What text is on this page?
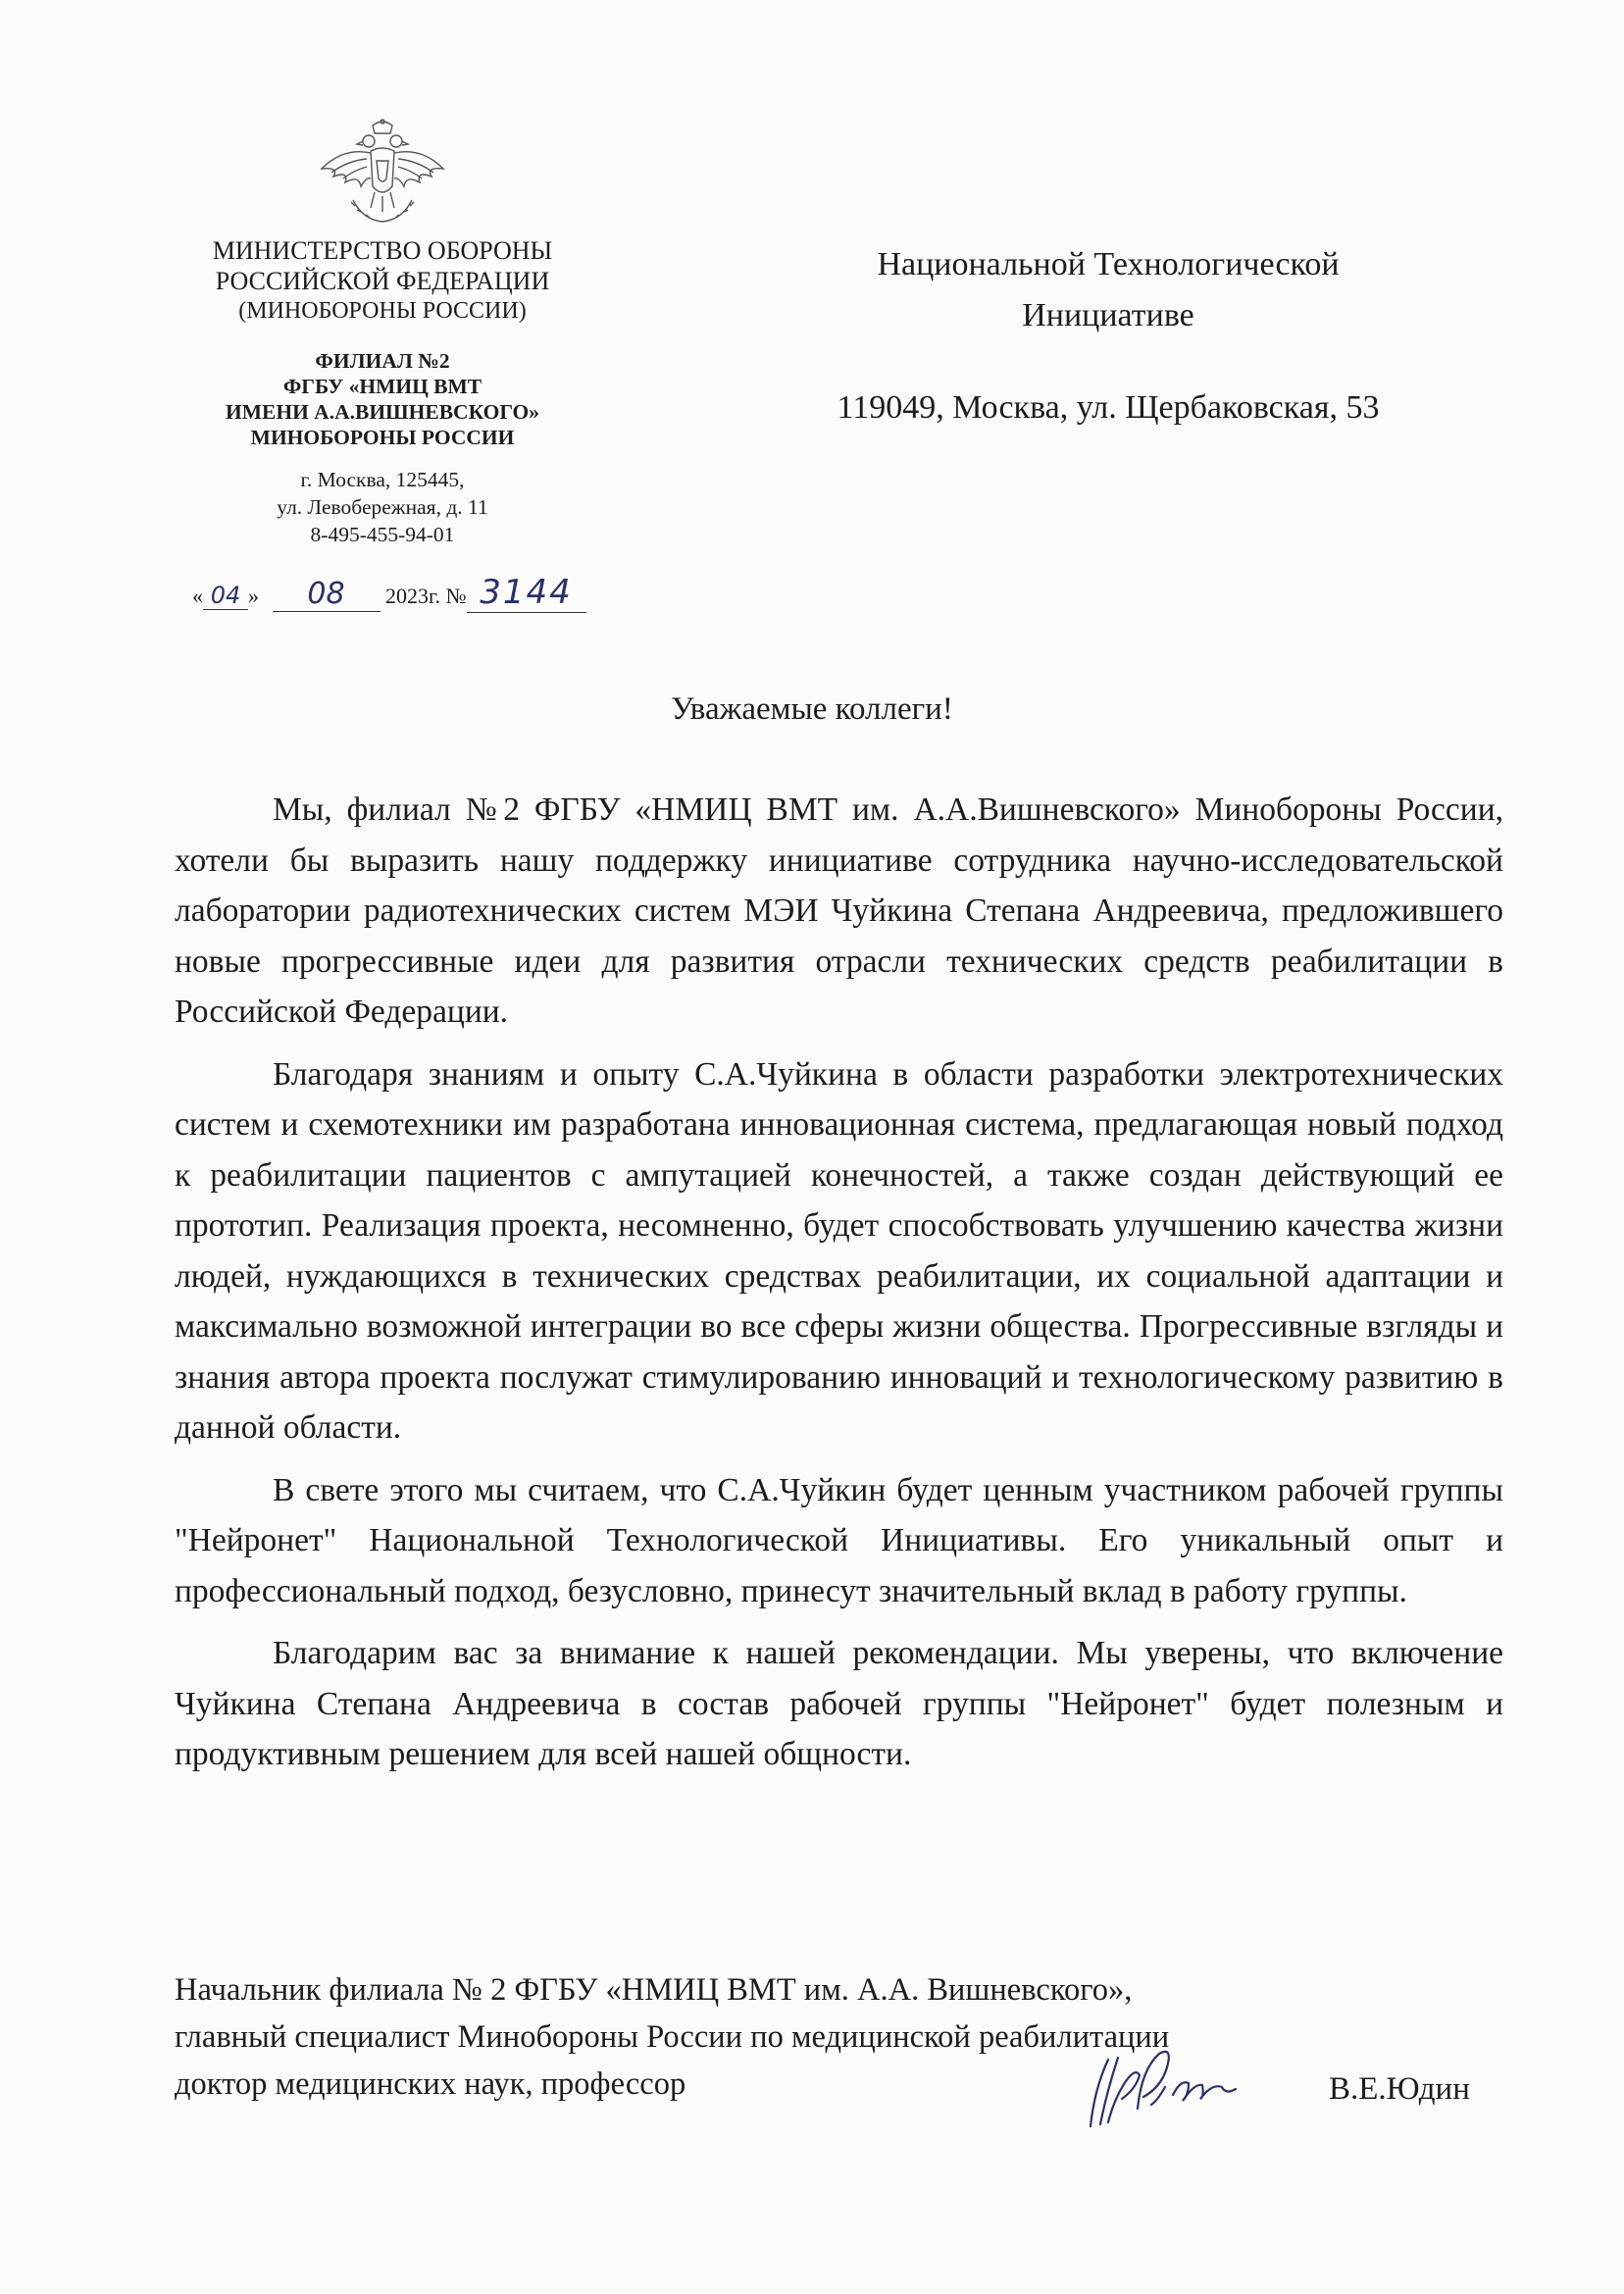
МИНИСТЕРСТВО ОБОРОНЫ
РОССИЙСКОЙ ФЕДЕРАЦИИ
(МИНОБОРОНЫ РОССИИ)
ФИЛИАЛ №2
ФГБУ «НМИЦ ВМТ
ИМЕНИ А.А.ВИШНЕВСКОГО»
МИНОБОРОНЫ РОССИИ
г. Москва, 125445,
ул. Левобережная, д. 11
8-495-455-94-01
« 04 » 08 2023г. № 3144
Национальной Технологической
Инициативе
119049, Москва, ул. Щербаковская, 53
Уважаемые коллеги!

Мы, филиал №2 ФГБУ «НМИЦ ВМТ им. А.А.Вишневского» Минобороны России, хотели бы выразить нашу поддержку инициативе сотрудника научно-исследовательской лаборатории радиотехнических систем МЭИ Чуйкина Степана Андреевича, предложившего новые прогрессивные идеи для развития отрасли технических средств реабилитации в Российской Федерации.

Благодаря знаниям и опыту С.А.Чуйкина в области разработки электротехнических систем и схемотехники им разработана инновационная система, предлагающая новый подход к реабилитации пациентов с ампутацией конечностей, а также создан действующий ее прототип. Реализация проекта, несомненно, будет способствовать улучшению качества жизни людей, нуждающихся в технических средствах реабилитации, их социальной адаптации и максимально возможной интеграции во все сферы жизни общества. Прогрессивные взгляды и знания автора проекта послужат стимулированию инноваций и технологическому развитию в данной области.

В свете этого мы считаем, что С.А.Чуйкин будет ценным участником рабочей группы "Нейронет" Национальной Технологической Инициативы. Его уникальный опыт и профессиональный подход, безусловно, принесут значительный вклад в работу группы.

Благодарим вас за внимание к нашей рекомендации. Мы уверены, что включение Чуйкина Степана Андреевича в состав рабочей группы "Нейронет" будет полезным и продуктивным решением для всей нашей общности.

Начальник филиала № 2 ФГБУ «НМИЦ ВМТ им. А.А. Вишневского»,
главный специалист Минобороны России по медицинской реабилитации
доктор медицинских наук, профессор	В.Е.Юдин
